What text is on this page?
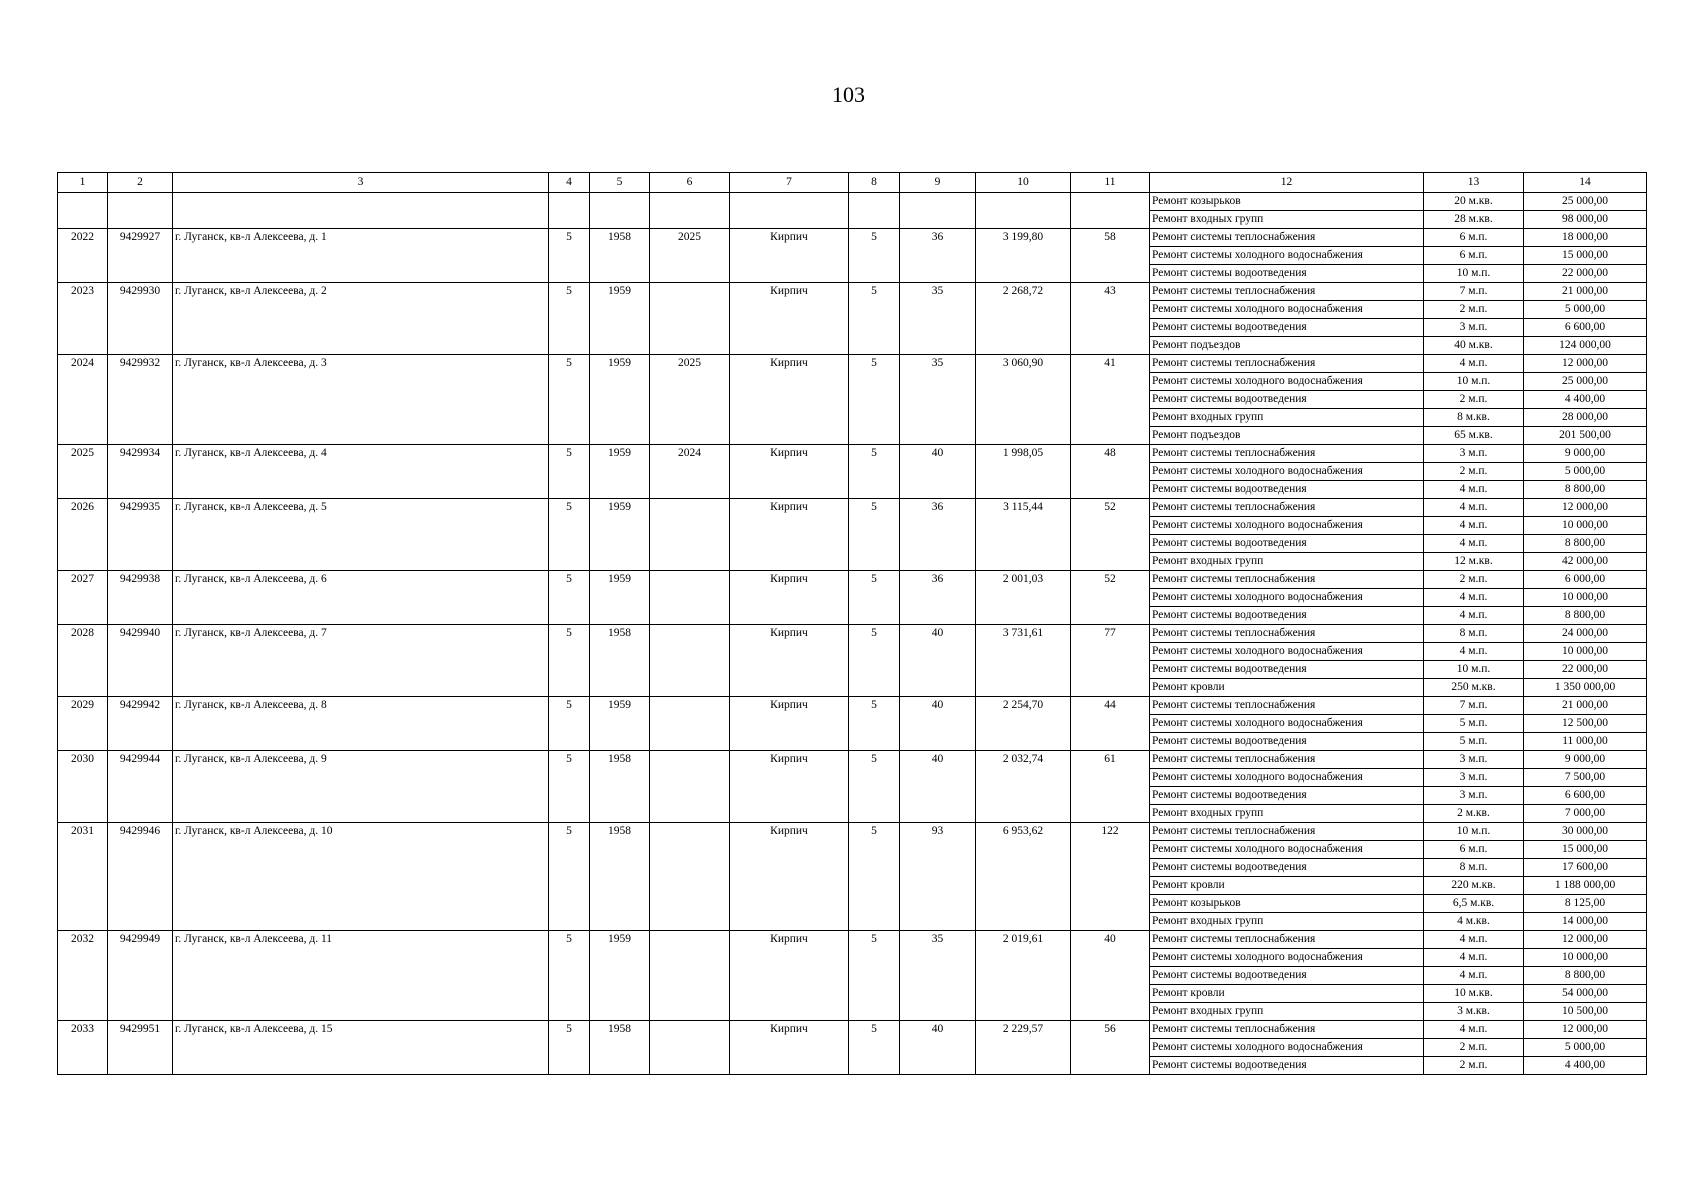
103
1	2	3	4	5	6	7	8	9	10	11	12	13	14
											Ремонт козырьков	20 м.кв.	25 000,00
											Ремонт входных групп	28 м.кв.	98 000,00
2022	9429927	г. Луганск, кв-л Алексеева, д. 1	5	1958	2025	Кирпич	5	36	3 199,80	58	Ремонт системы теплоснабжения	6 м.п.	18 000,00
											Ремонт системы холодного водоснабжения	6 м.п.	15 000,00
											Ремонт системы водоотведения	10 м.п.	22 000,00
2023	9429930	г. Луганск, кв-л Алексеева, д. 2	5	1959		Кирпич	5	35	2 268,72	43	Ремонт системы теплоснабжения	7 м.п.	21 000,00
											Ремонт системы холодного водоснабжения	2 м.п.	5 000,00
											Ремонт системы водоотведения	3 м.п.	6 600,00
											Ремонт подъездов	40 м.кв.	124 000,00
2024	9429932	г. Луганск, кв-л Алексеева, д. 3	5	1959	2025	Кирпич	5	35	3 060,90	41	Ремонт системы теплоснабжения	4 м.п.	12 000,00
											Ремонт системы холодного водоснабжения	10 м.п.	25 000,00
											Ремонт системы водоотведения	2 м.п.	4 400,00
											Ремонт входных групп	8 м.кв.	28 000,00
											Ремонт подъездов	65 м.кв.	201 500,00
2025	9429934	г. Луганск, кв-л Алексеева, д. 4	5	1959	2024	Кирпич	5	40	1 998,05	48	Ремонт системы теплоснабжения	3 м.п.	9 000,00
											Ремонт системы холодного водоснабжения	2 м.п.	5 000,00
											Ремонт системы водоотведения	4 м.п.	8 800,00
2026	9429935	г. Луганск, кв-л Алексеева, д. 5	5	1959		Кирпич	5	36	3 115,44	52	Ремонт системы теплоснабжения	4 м.п.	12 000,00
											Ремонт системы холодного водоснабжения	4 м.п.	10 000,00
											Ремонт системы водоотведения	4 м.п.	8 800,00
											Ремонт входных групп	12 м.кв.	42 000,00
2027	9429938	г. Луганск, кв-л Алексеева, д. 6	5	1959		Кирпич	5	36	2 001,03	52	Ремонт системы теплоснабжения	2 м.п.	6 000,00
											Ремонт системы холодного водоснабжения	4 м.п.	10 000,00
											Ремонт системы водоотведения	4 м.п.	8 800,00
2028	9429940	г. Луганск, кв-л Алексеева, д. 7	5	1958		Кирпич	5	40	3 731,61	77	Ремонт системы теплоснабжения	8 м.п.	24 000,00
											Ремонт системы холодного водоснабжения	4 м.п.	10 000,00
											Ремонт системы водоотведения	10 м.п.	22 000,00
											Ремонт кровли	250 м.кв.	1 350 000,00
2029	9429942	г. Луганск, кв-л Алексеева, д. 8	5	1959		Кирпич	5	40	2 254,70	44	Ремонт системы теплоснабжения	7 м.п.	21 000,00
											Ремонт системы холодного водоснабжения	5 м.п.	12 500,00
											Ремонт системы водоотведения	5 м.п.	11 000,00
2030	9429944	г. Луганск, кв-л Алексеева, д. 9	5	1958		Кирпич	5	40	2 032,74	61	Ремонт системы теплоснабжения	3 м.п.	9 000,00
											Ремонт системы холодного водоснабжения	3 м.п.	7 500,00
											Ремонт системы водоотведения	3 м.п.	6 600,00
											Ремонт входных групп	2 м.кв.	7 000,00
2031	9429946	г. Луганск, кв-л Алексеева, д. 10	5	1958		Кирпич	5	93	6 953,62	122	Ремонт системы теплоснабжения	10 м.п.	30 000,00
											Ремонт системы холодного водоснабжения	6 м.п.	15 000,00
											Ремонт системы водоотведения	8 м.п.	17 600,00
											Ремонт кровли	220 м.кв.	1 188 000,00
											Ремонт козырьков	6,5 м.кв.	8 125,00
											Ремонт входных групп	4 м.кв.	14 000,00
2032	9429949	г. Луганск, кв-л Алексеева, д. 11	5	1959		Кирпич	5	35	2 019,61	40	Ремонт системы теплоснабжения	4 м.п.	12 000,00
											Ремонт системы холодного водоснабжения	4 м.п.	10 000,00
											Ремонт системы водоотведения	4 м.п.	8 800,00
											Ремонт кровли	10 м.кв.	54 000,00
											Ремонт входных групп	3 м.кв.	10 500,00
2033	9429951	г. Луганск, кв-л Алексеева, д. 15	5	1958		Кирпич	5	40	2 229,57	56	Ремонт системы теплоснабжения	4 м.п.	12 000,00
											Ремонт системы холодного водоснабжения	2 м.п.	5 000,00
											Ремонт системы водоотведения	2 м.п.	4 400,00
